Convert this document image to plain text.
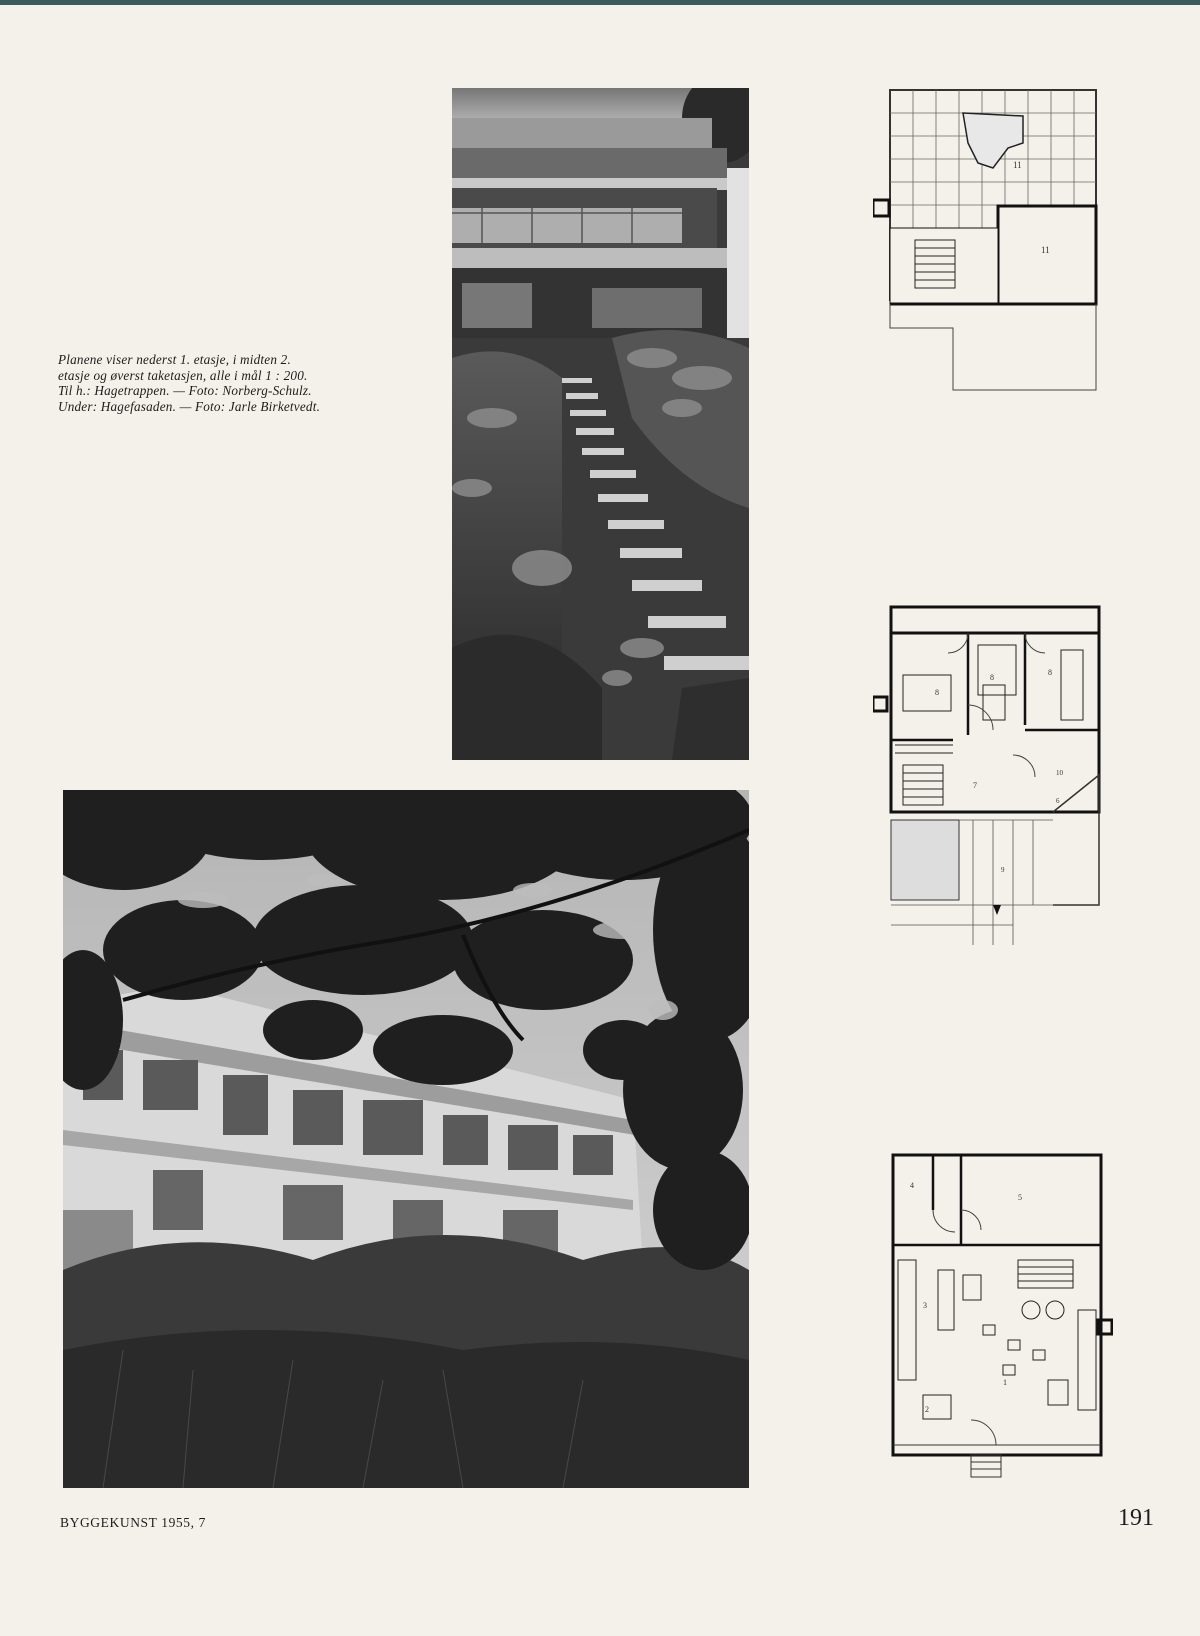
Planene viser nederst 1. etasje, i midten 2.
etasje og øverst taketasjen, alle i mål 1 : 200.
Til h.: Hagetrappen. — Foto: Norberg-Schulz.
Under: Hagefasaden. — Foto: Jarle Birketvedt.
11
11
8
8
8
10
6
7
9
4
5
3
2
1
BYGGEKUNST 1955, 7	191
